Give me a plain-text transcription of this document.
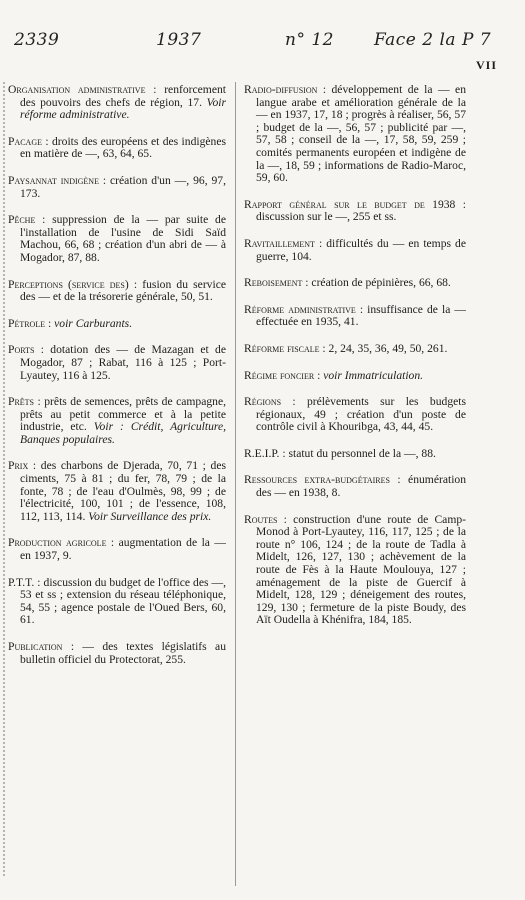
2339	1937	n° 12 Face 2 la P 7
VII

Organisation administrative : renforcement des pouvoirs des chefs de région, 17. Voir réforme administrative.

Pacage : droits des européens et des indigènes en matière de —, 63, 64, 65.

Paysannat indigène : création d'un —, 96, 97, 173.

Pêche : suppression de la — par suite de l'installation de l'usine de Sidi Saïd Machou, 66, 68 ; création d'un abri de — à Mogador, 87, 88.

Perceptions (service des) : fusion du service des — et de la trésorerie générale, 50, 51.

Pétrole : voir Carburants.

Ports : dotation des — de Mazagan et de Mogador, 87 ; Rabat, 116 à 125 ; Port-Lyautey, 116 à 125.

Prêts : prêts de semences, prêts de campagne, prêts au petit commerce et à la petite industrie, etc. Voir : Crédit, Agriculture, Banques populaires.

Prix : des charbons de Djerada, 70, 71 ; des ciments, 75 à 81 ; du fer, 78, 79 ; de la fonte, 78 ; de l'eau d'Oulmès, 98, 99 ; de l'électricité, 100, 101 ; de l'essence, 108, 112, 113, 114. Voir Surveillance des prix.

Production agricole : augmentation de la — en 1937, 9.

P.T.T. : discussion du budget de l'office des —, 53 et ss ; extension du réseau téléphonique, 54, 55 ; agence postale de l'Oued Bers, 60, 61.

Publication : — des textes législatifs au bulletin officiel du Protectorat, 255.

Radio-diffusion : développement de la — en langue arabe et amélioration générale de la — en 1937, 17, 18 ; progrès à réaliser, 56, 57 ; budget de la —, 56, 57 ; publicité par —, 57, 58 ; conseil de la —, 17, 58, 59, 259 ; comités permanents européen et indigène de la —, 18, 59 ; informations de Radio-Maroc, 59, 60.

Rapport général sur le budget de 1938 : discussion sur le —, 255 et ss.

Ravitaillement : difficultés du — en temps de guerre, 104.

Reboisement : création de pépinières, 66, 68.

Réforme administrative : insuffisance de la — effectuée en 1935, 41.

Réforme fiscale : 2, 24, 35, 36, 49, 50, 261.

Régime foncier : voir Immatriculation.

Régions : prélèvements sur les budgets régionaux, 49 ; création d'un poste de contrôle civil à Khouribga, 43, 44, 45.

R.E.I.P. : statut du personnel de la —, 88.

Ressources extra-budgétaires : énumération des — en 1938, 8.

Routes : construction d'une route de Camp-Monod à Port-Lyautey, 116, 117, 125 ; de la route n° 106, 124 ; de la route de Tadla à Midelt, 126, 127, 130 ; achèvement de la route de Fès à la Haute Moulouya, 127 ; aménagement de la piste de Guercif à Midelt, 128, 129 ; déneigement des routes, 129, 130 ; fermeture de la piste Boudy, des Aït Oudella à Khénifra, 184, 185.
